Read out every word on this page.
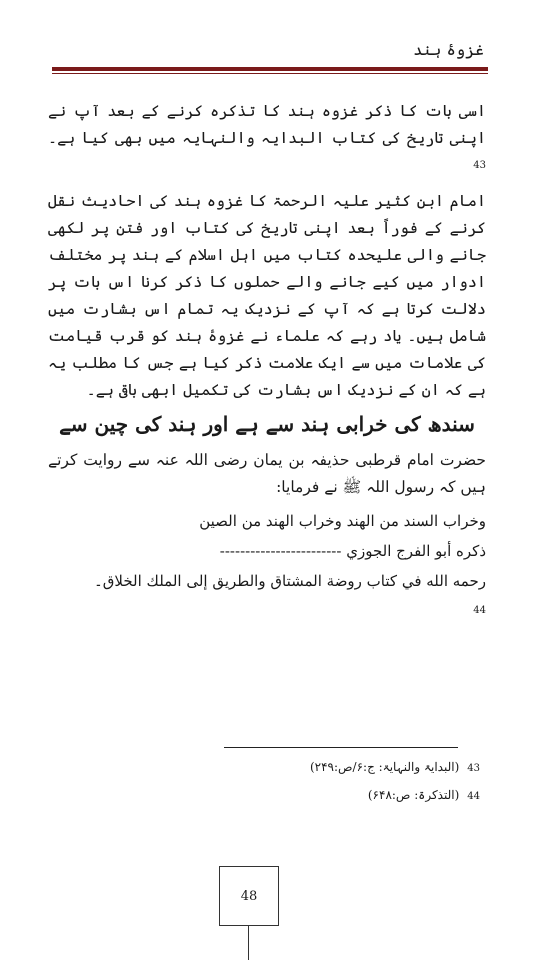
غزوۂ ہند

اسی بات کا ذکر غزوہ ہند کا تذکرہ کرنے کے بعد آپ نے اپنی تاریخ کی کتاب البدایہ والنہایہ میں بھی کیا ہے۔ $^{43}$

امام ابن کثیر علیہ الرحمۃ کا غزوہ ہند کی احادیث نقل کرنے کے فوراً بعد اپنی تاریخ کی کتاب اور فتن پر لکھی جانے والی علیحدہ کتاب میں اہل اسلام کے ہند پر مختلف ادوار میں کیے جانے والے حملوں کا ذکر کرنا اس بات پر دلالت کرتا ہے کہ آپ کے نزدیک یہ تمام اس بشارت میں شامل ہیں۔ یاد رہے کہ علماء نے غزوۂ ہند کو قرب قیامت کی علامات میں سے ایک علامت ذکر کیا ہے جس کا مطلب یہ ہے کہ ان کے نزدیک اس بشارت کی تکمیل ابھی باقی ہے۔

سندھ کی خرابی ہند سے ہے اور ہند کی چین سے

حضرت امام قرطبی حذیفہ بن یمان رضی اللہ عنہ سے روایت کرتے ہیں کہ رسول اللہ ﷺ نے فرمایا:

وخراب السند من الهند وخراب الهند من الصين
ذكره أبو الفرج الجوزي ------------------------
رحمه الله في كتاب روضة المشتاق والطريق إلى الملك الخلاق۔ $^{44}$
43
(البدایۃ والنہایۃ: ج:۶/ص:۲۴۹)
44
(التذکرۃ: ص:۶۴۸)
48
